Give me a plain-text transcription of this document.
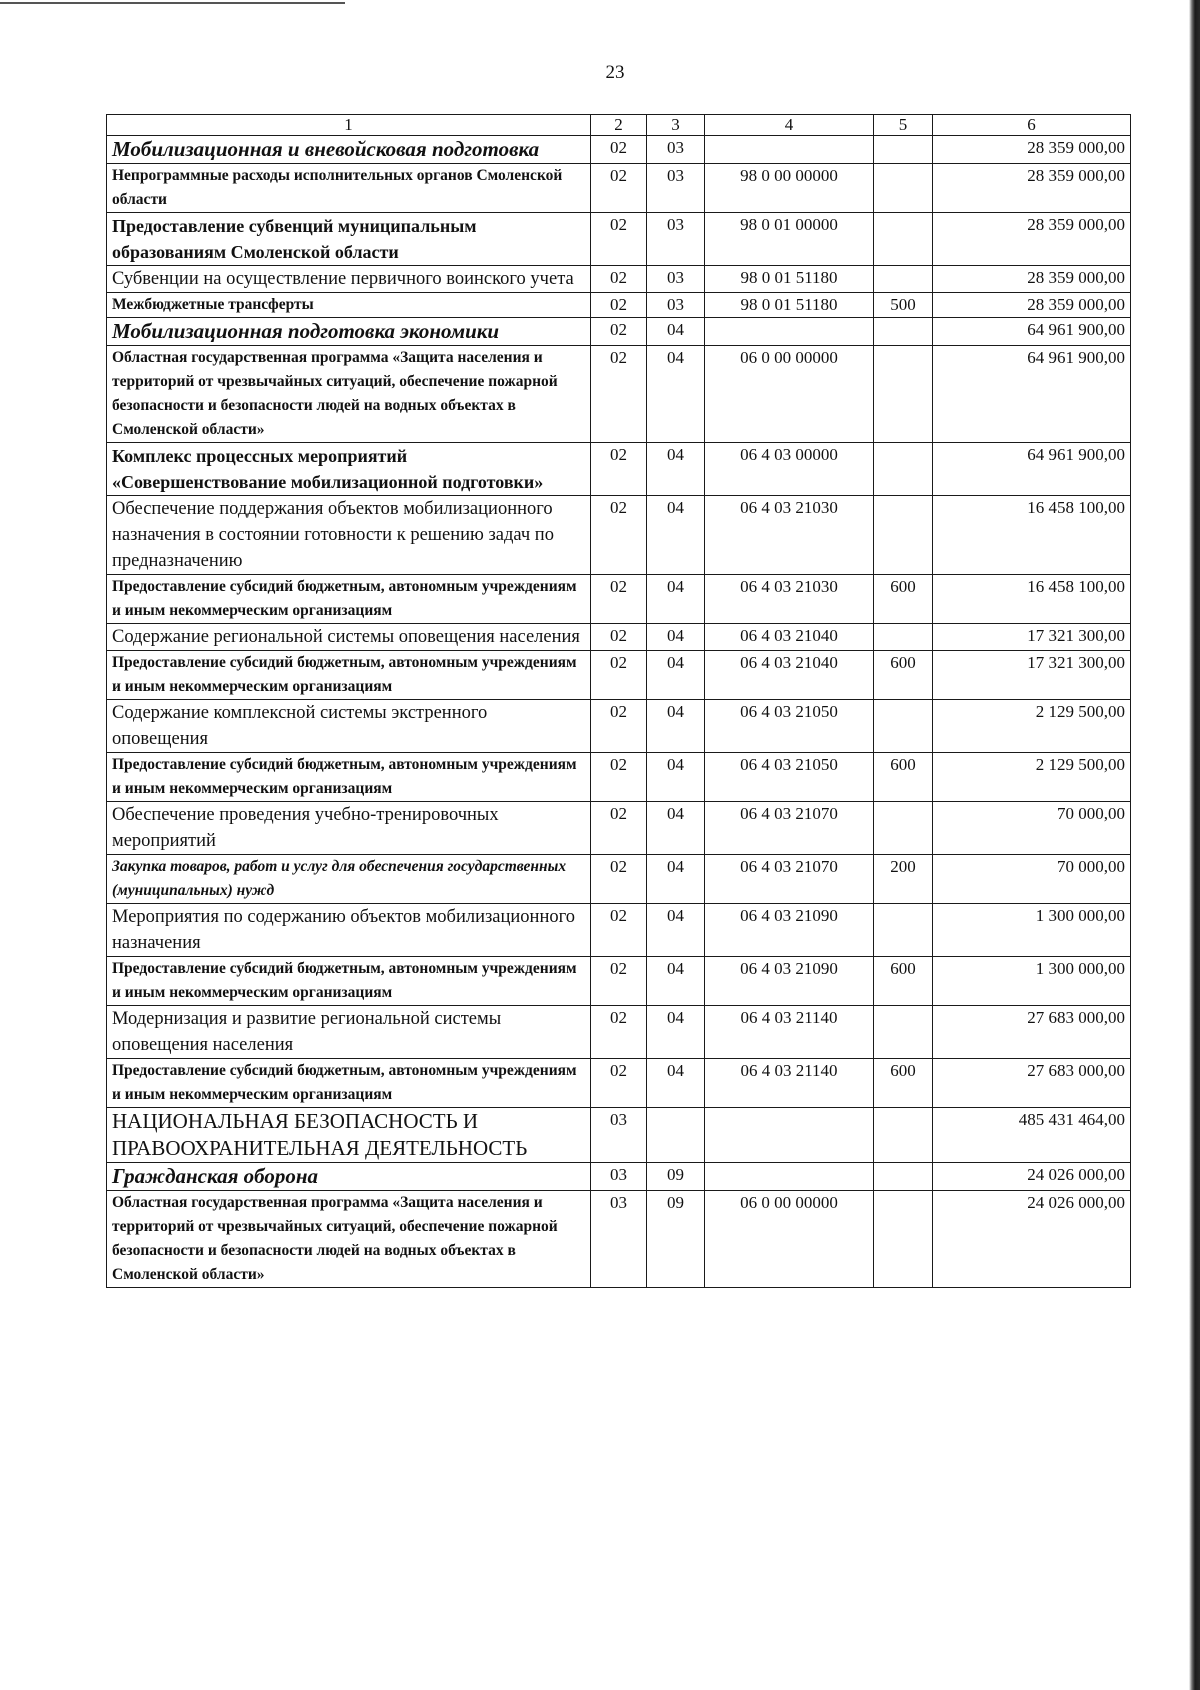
23
1	2	3	4	5	6
Мобилизационная и вневойсковая подготовка	02	03			28 359 000,00
Непрограммные расходы исполнительных органов Смоленской области	02	03	98 0 00 00000		28 359 000,00
Предоставление субвенций муниципальным образованиям Смоленской области	02	03	98 0 01 00000		28 359 000,00
Субвенции на осуществление первичного воинского учета	02	03	98 0 01 51180		28 359 000,00
Межбюджетные трансферты	02	03	98 0 01 51180	500	28 359 000,00
Мобилизационная подготовка экономики	02	04			64 961 900,00
Областная государственная программа «Защита населения и территорий от чрезвычайных ситуаций, обеспечение пожарной безопасности и безопасности людей на водных объектах в Смоленской области»	02	04	06 0 00 00000		64 961 900,00
Комплекс процессных мероприятий «Совершенствование мобилизационной подготовки»	02	04	06 4 03 00000		64 961 900,00
Обеспечение поддержания объектов мобилизационного назначения в состоянии готовности к решению задач по предназначению	02	04	06 4 03 21030		16 458 100,00
Предоставление субсидий бюджетным, автономным учреждениям и иным некоммерческим организациям	02	04	06 4 03 21030	600	16 458 100,00
Содержание региональной системы оповещения населения	02	04	06 4 03 21040		17 321 300,00
Предоставление субсидий бюджетным, автономным учреждениям и иным некоммерческим организациям	02	04	06 4 03 21040	600	17 321 300,00
Содержание комплексной системы экстренного оповещения	02	04	06 4 03 21050		2 129 500,00
Предоставление субсидий бюджетным, автономным учреждениям и иным некоммерческим организациям	02	04	06 4 03 21050	600	2 129 500,00
Обеспечение проведения учебно-тренировочных мероприятий	02	04	06 4 03 21070		70 000,00
Закупка товаров, работ и услуг для обеспечения государственных (муниципальных) нужд	02	04	06 4 03 21070	200	70 000,00
Мероприятия по содержанию объектов мобилизационного назначения	02	04	06 4 03 21090		1 300 000,00
Предоставление субсидий бюджетным, автономным учреждениям и иным некоммерческим организациям	02	04	06 4 03 21090	600	1 300 000,00
Модернизация и развитие региональной системы оповещения населения	02	04	06 4 03 21140		27 683 000,00
Предоставление субсидий бюджетным, автономным учреждениям и иным некоммерческим организациям	02	04	06 4 03 21140	600	27 683 000,00
НАЦИОНАЛЬНАЯ БЕЗОПАСНОСТЬ И ПРАВООХРАНИТЕЛЬНАЯ ДЕЯТЕЛЬНОСТЬ	03				485 431 464,00
Гражданская оборона	03	09			24 026 000,00
Областная государственная программа «Защита населения и территорий от чрезвычайных ситуаций, обеспечение пожарной безопасности и безопасности людей на водных объектах в Смоленской области»	03	09	06 0 00 00000		24 026 000,00
